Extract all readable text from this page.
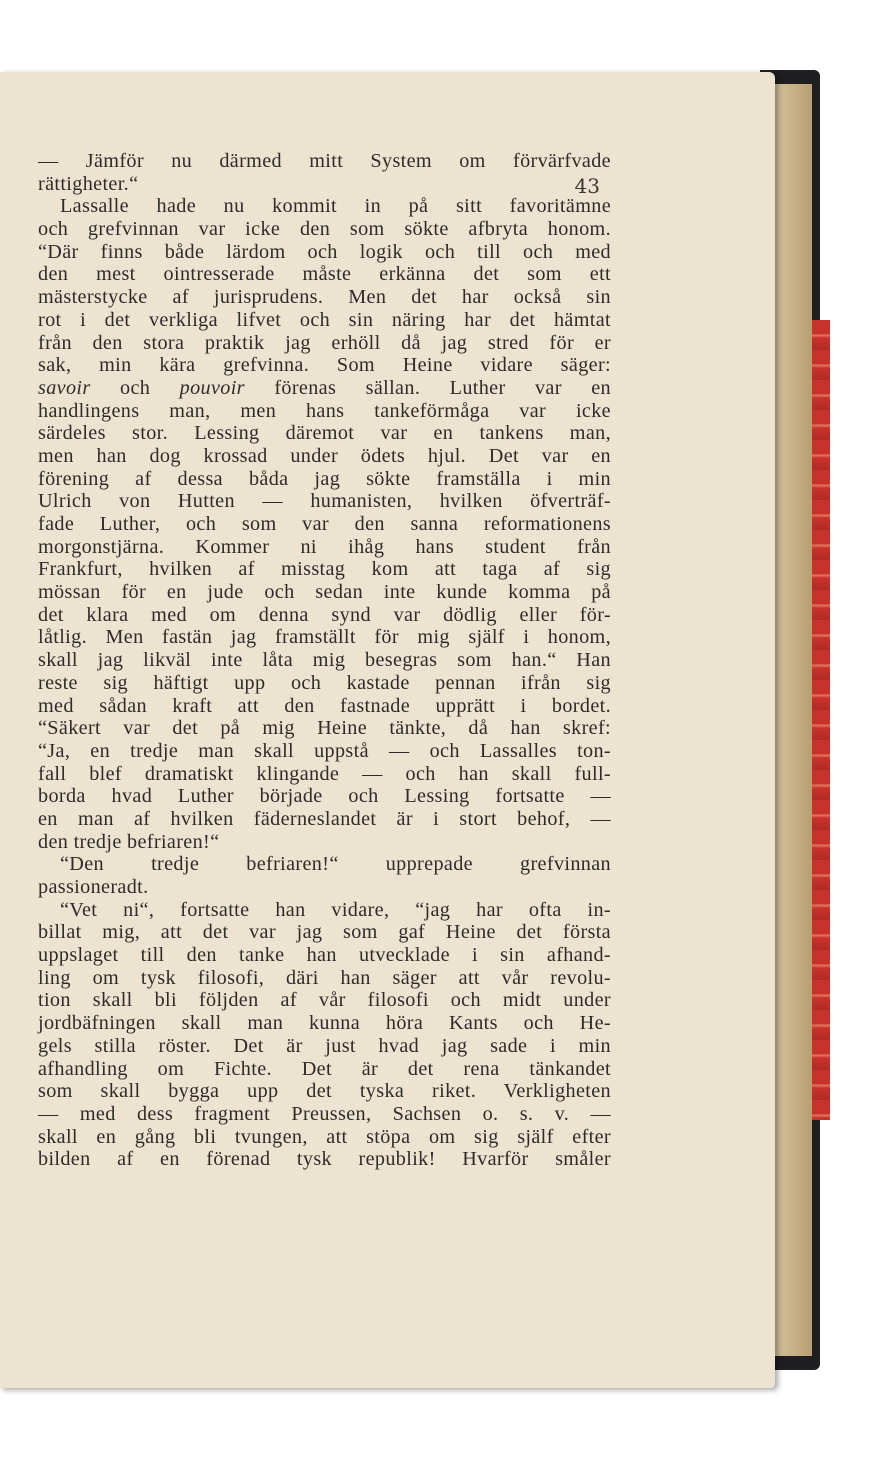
43
— Jämför nu därmed mitt System om förvärfvade
rättigheter.“
Lassalle hade nu kommit in på sitt favoritämne
och grefvinnan var icke den som sökte afbryta honom.
“Där finns både lärdom och logik och till och med
den mest ointresserade måste erkänna det som ett
mästerstycke af jurisprudens. Men det har också sin
rot i det verkliga lifvet och sin näring har det hämtat
från den stora praktik jag erhöll då jag stred för er
sak, min kära grefvinna. Som Heine vidare säger:
savoir och pouvoir förenas sällan. Luther var en
handlingens man, men hans tankeförmåga var icke
särdeles stor. Lessing däremot var en tankens man,
men han dog krossad under ödets hjul. Det var en
förening af dessa båda jag sökte framställa i min
Ulrich von Hutten — humanisten, hvilken öfverträf-
fade Luther, och som var den sanna reformationens
morgonstjärna. Kommer ni ihåg hans student från
Frankfurt, hvilken af misstag kom att taga af sig
mössan för en jude och sedan inte kunde komma på
det klara med om denna synd var dödlig eller för-
låtlig. Men fastän jag framställt för mig själf i honom,
skall jag likväl inte låta mig besegras som han.“ Han
reste sig häftigt upp och kastade pennan ifrån sig
med sådan kraft att den fastnade upprätt i bordet.
“Säkert var det på mig Heine tänkte, då han skref:
“Ja, en tredje man skall uppstå — och Lassalles ton-
fall blef dramatiskt klingande — och han skall full-
borda hvad Luther började och Lessing fortsatte —
en man af hvilken fäderneslandet är i stort behof, —
den tredje befriaren!“
“Den tredje befriaren!“ upprepade grefvinnan
passioneradt.
“Vet ni“, fortsatte han vidare, “jag har ofta in-
billat mig, att det var jag som gaf Heine det första
uppslaget till den tanke han utvecklade i sin afhand-
ling om tysk filosofi, däri han säger att vår revolu-
tion skall bli följden af vår filosofi och midt under
jordbäfningen skall man kunna höra Kants och He-
gels stilla röster. Det är just hvad jag sade i min
afhandling om Fichte. Det är det rena tänkandet
som skall bygga upp det tyska riket. Verkligheten
— med dess fragment Preussen, Sachsen o. s. v. —
skall en gång bli tvungen, att stöpa om sig själf efter
bilden af en förenad tysk republik! Hvarför småler
